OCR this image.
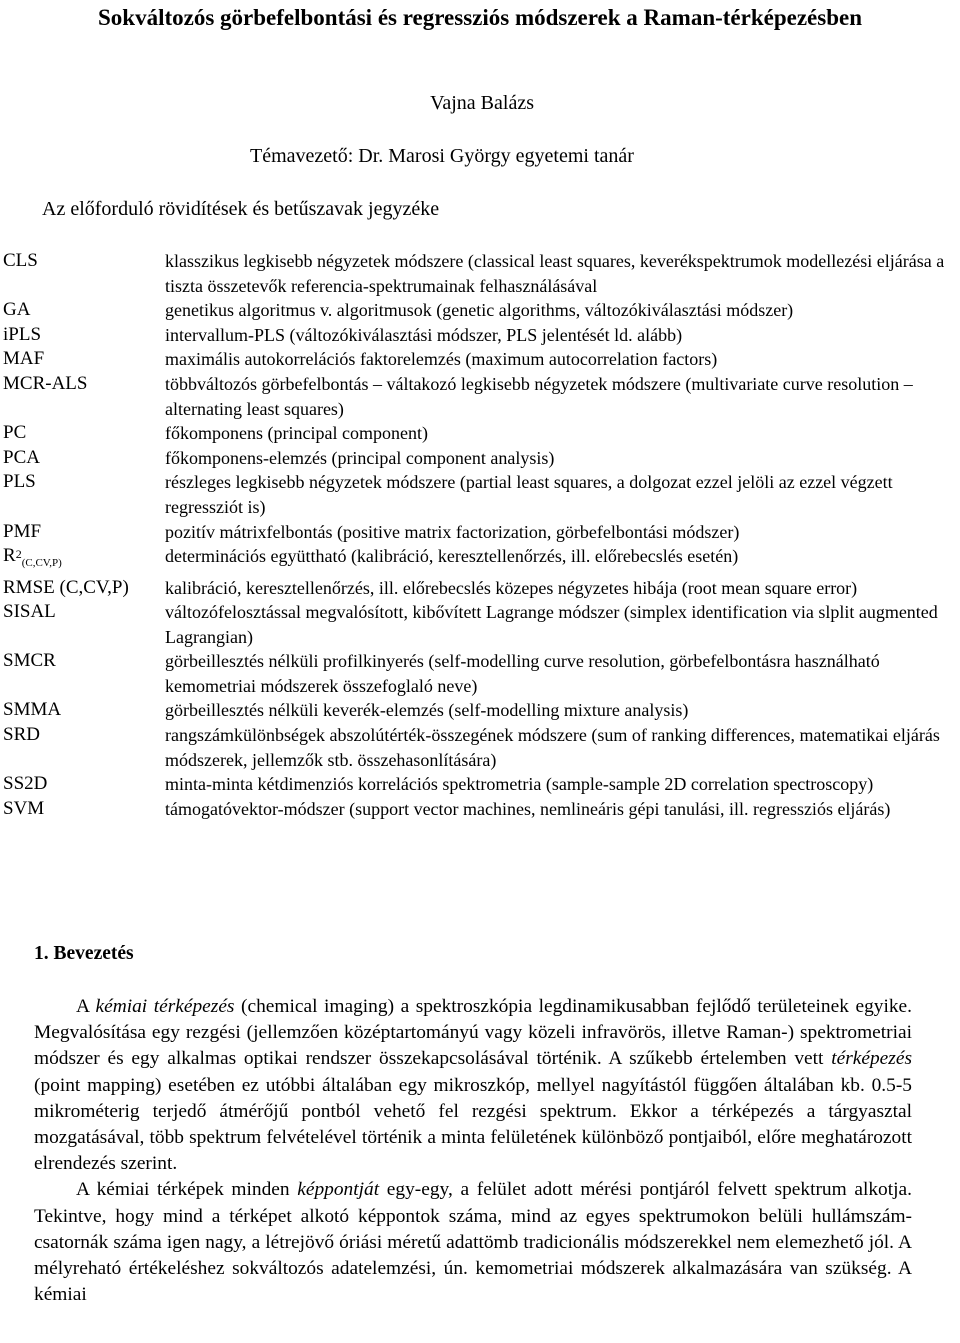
Sokváltozós görbefelbontási és regressziós módszerek a Raman-térképezésben
Vajna Balázs
Témavezető: Dr. Marosi György egyetemi tanár
Az előforduló rövidítések és betűszavak jegyzéke
CLS	klasszikus legkisebb négyzetek módszere (classical least squares, keverékspektrumok modellezési eljárása a tiszta összetevők referencia-spektrumainak felhasználásával
GA	genetikus algoritmus v. algoritmusok (genetic algorithms, változókiválasztási módszer)
iPLS	intervallum-PLS (változókiválasztási módszer, PLS jelentését ld. alább)
MAF	maximális autokorrelációs faktorelemzés (maximum autocorrelation factors)
MCR-ALS	többváltozós görbefelbontás – váltakozó legkisebb négyzetek módszere (multivariate curve resolution – alternating least squares)
PC	főkomponens (principal component)
PCA	főkomponens-elemzés (principal component analysis)
PLS	részleges legkisebb négyzetek módszere (partial least squares, a dolgozat ezzel jelöli az ezzel végzett regressziót is)
PMF	pozitív mátrixfelbontás (positive matrix factorization, görbefelbontási módszer)
$R^2_{(C,CV,P)}$	determinációs együttható (kalibráció, keresztellenőrzés, ill. előrebecslés esetén)
RMSE (C,CV,P)	kalibráció, keresztellenőrzés, ill. előrebecslés közepes négyzetes hibája (root mean square error)
SISAL	változófelosztással megvalósított, kibővített Lagrange módszer (simplex identification via slplit augmented Lagrangian)
SMCR	görbeillesztés nélküli profilkinyerés (self-modelling curve resolution, görbefelbontásra használható kemometriai módszerek összefoglaló neve)
SMMA	görbeillesztés nélküli keverék-elemzés (self-modelling mixture analysis)
SRD	rangszámkülönbségek abszolútérték-összegének módszere (sum of ranking differences, matematikai eljárás módszerek, jellemzők stb. összehasonlítására)
SS2D	minta-minta kétdimenziós korrelációs spektrometria (sample-sample 2D correlation spectroscopy)
SVM	támogatóvektor-módszer (support vector machines, nemlineáris gépi tanulási, ill. regressziós eljárás)
1. Bevezetés

A kémiai térképezés (chemical imaging) a spektroszkópia legdinamikusabban fejlődő területeinek egyike. Megvalósítása egy rezgési (jellemzően középtartományú vagy közeli infravörös, illetve Raman-) spektrometriai módszer és egy alkalmas optikai rendszer összekapcsolásával történik. A szűkebb értelemben vett térképezés (point mapping) esetében ez utóbbi általában egy mikroszkóp, mellyel nagyítástól függően általában kb. 0.5-5 mikrométerig terjedő átmérőjű pontból vehető fel rezgési spektrum. Ekkor a térképezés a tárgyasztal mozgatásával, több spektrum felvételével történik a minta felületének különböző pontjaiból, előre meghatározott elrendezés szerint.

A kémiai térképek minden képpontját egy-egy, a felület adott mérési pontjáról felvett spektrum alkotja. Tekintve, hogy mind a térképet alkotó képpontok száma, mind az egyes spektrumokon belüli hullámszám-csatornák száma igen nagy, a létrejövő óriási méretű adattömb tradicionális módszerekkel nem elemezhető jól. A mélyreható értékeléshez sokváltozós adatelemzési, ún. kemometriai módszerek alkalmazására van szükség. A kémiai
